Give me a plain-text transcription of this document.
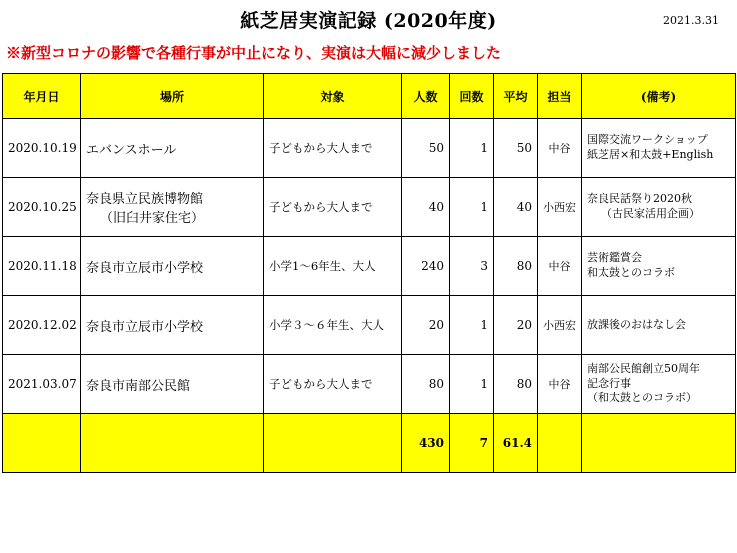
紙芝居実演記録 (2020年度)	2021.3.31
※新型コロナの影響で各種行事が中止になり、実演は大幅に減少しました
年月日	場所	対象	人数	回数	平均	担当	(備考)
2020.10.19	エバンスホール	子どもから大人まで	50	1	50	中谷	国際交流ワークショップ
紙芝居×和太鼓+English

2020.10.25	奈良県立民族博物館
（旧臼井家住宅）	子どもから大人まで	40	1	40	小西宏	奈良民話祭り2020秋
（古民家活用企画）

2020.11.18	奈良市立辰市小学校	小学1～6年生、大人	240	3	80	中谷	芸術鑑賞会
和太鼓とのコラボ

2020.12.02	奈良市立辰市小学校	小学３～６年生、大人	20	1	20	小西宏	放課後のおはなし会

2021.03.07	奈良市南部公民館	子どもから大人まで	80	1	80	中谷	南部公民館創立50周年
記念行事
（和太鼓とのコラボ）

			430	7	61.4		
